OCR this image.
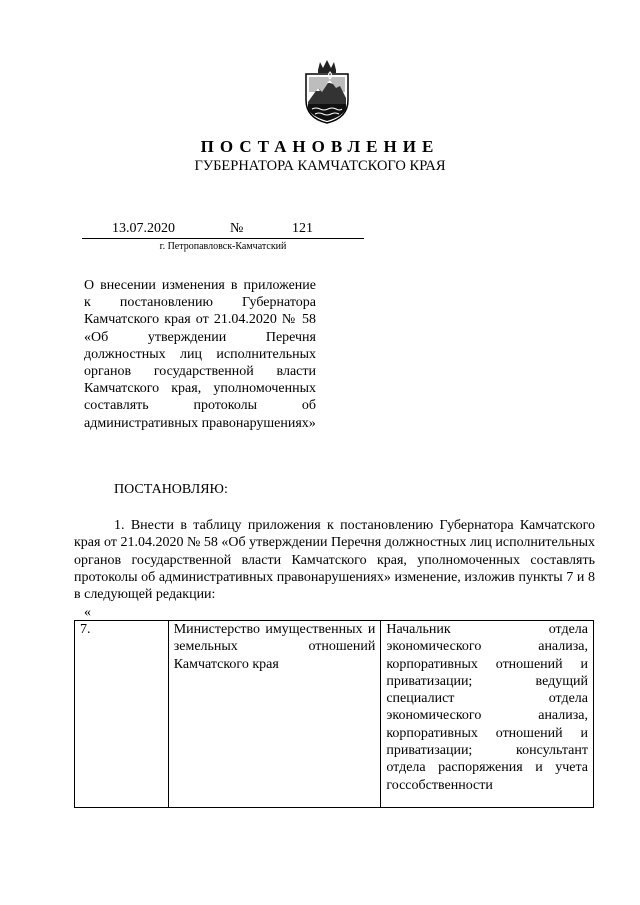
ПОСТАНОВЛЕНИЕ
ГУБЕРНАТОРА КАМЧАТСКОГО КРАЯ
13.07.2020	№	121
г. Петропавловск-Камчатский
О внесении изменения в приложение к постановлению Губернатора Камчатского края от 21.04.2020 № 58 «Об утверждении Перечня должностных лиц исполнительных органов государственной власти Камчатского края, уполномоченных составлять протоколы об административных правонарушениях»
ПОСТАНОВЛЯЮ:
1. Внести в таблицу приложения к постановлению Губернатора Камчатского края от 21.04.2020 № 58 «Об утверждении Перечня должностных лиц исполнительных органов государственной власти Камчатского края, уполномоченных составлять протоколы об административных правонарушениях» изменение, изложив пункты 7 и 8 в следующей редакции:
«
7.	Министерство имущественных и земельных отношений Камчатского края	Начальник отдела экономического анализа, корпоративных отношений и приватизации; ведущий специалист отдела экономического анализа, корпоративных отношений и приватизации; консультант отдела распоряжения и учета госсобственности
